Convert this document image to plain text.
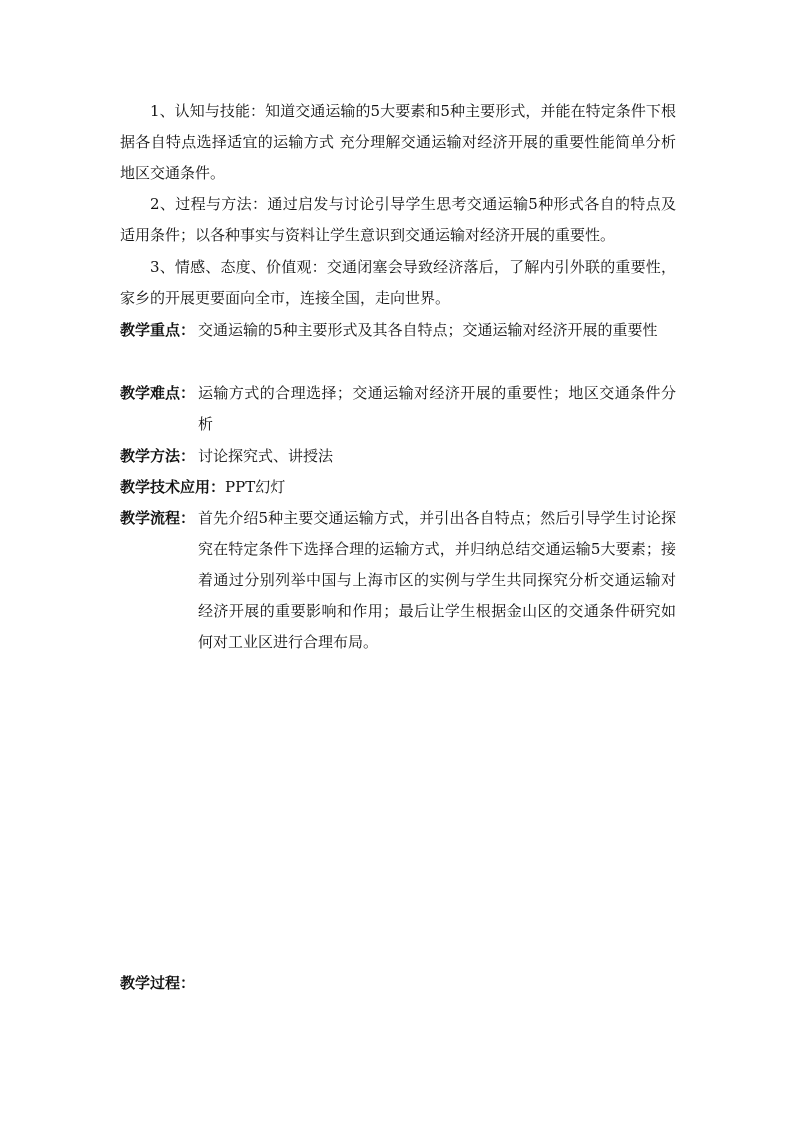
1、认知与技能：知道交通运输的5大要素和5种主要形式，并能在特定条件下根据各自特点选择适宜的运输方式 充分理解交通运输对经济开展的重要性能简单分析地区交通条件。

2、过程与方法：通过启发与讨论引导学生思考交通运输5种形式各自的特点及适用条件；以各种事实与资料让学生意识到交通运输对经济开展的重要性。

3、情感、态度、价值观：交通闭塞会导致经济落后，了解内引外联的重要性，家乡的开展更要面向全市，连接全国，走向世界。

教学重点： 交通运输的5种主要形式及其各自特点；交通运输对经济开展的重要性
教学难点： 运输方式的合理选择；交通运输对经济开展的重要性；地区交通条件分析
教学方法： 讨论探究式、讲授法
教学技术应用： PPT幻灯
教学流程： 首先介绍5种主要交通运输方式，并引出各自特点；然后引导学生讨论探究在特定条件下选择合理的运输方式，并归纳总结交通运输5大要素；接着通过分别列举中国与上海市区的实例与学生共同探究分析交通运输对经济开展的重要影响和作用；最后让学生根据金山区的交通条件研究如何对工业区进行合理布局。
教学过程：
